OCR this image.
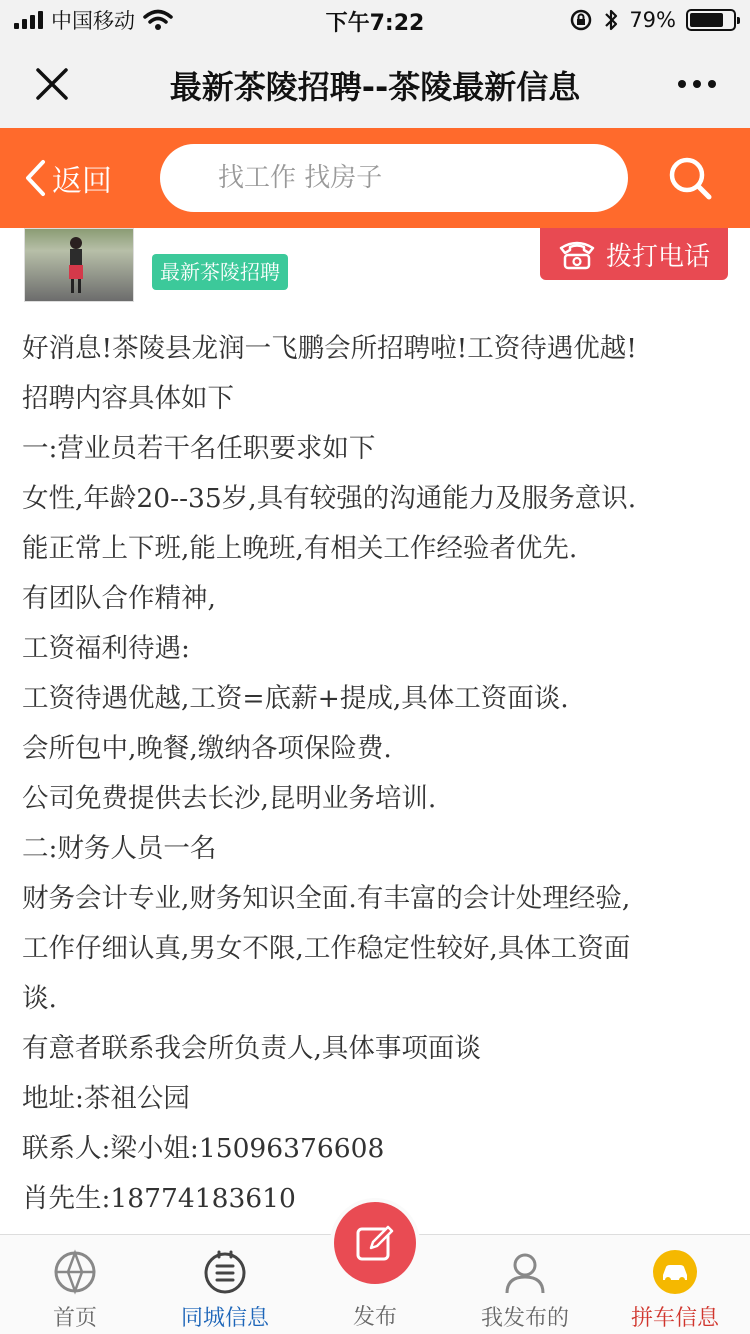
中国移动	下午7:22	79%
最新茶陵招聘--茶陵最新信息
返回
找工作 找房子
最新茶陵招聘
拨打电话

好消息!茶陵县龙润一飞鹏会所招聘啦!工资待遇优越!

招聘内容具体如下

一:营业员若干名任职要求如下

女性,年龄20--35岁,具有较强的沟通能力及服务意识.

能正常上下班,能上晚班,有相关工作经验者优先.

有团队合作精神,

工资福利待遇:

工资待遇优越,工资=底薪+提成,具体工资面谈.

会所包中,晚餐,缴纳各项保险费.

公司免费提供去长沙,昆明业务培训.

二:财务人员一名

财务会计专业,财务知识全面.有丰富的会计处理经验,

工作仔细认真,男女不限,工作稳定性较好,具体工资面

谈.

有意者联系我会所负责人,具体事项面谈

地址:茶祖公园

联系人:梁小姐:15096376608

肖先生:18774183610

首页	同城信息	我发布的	拼车信息
发布
